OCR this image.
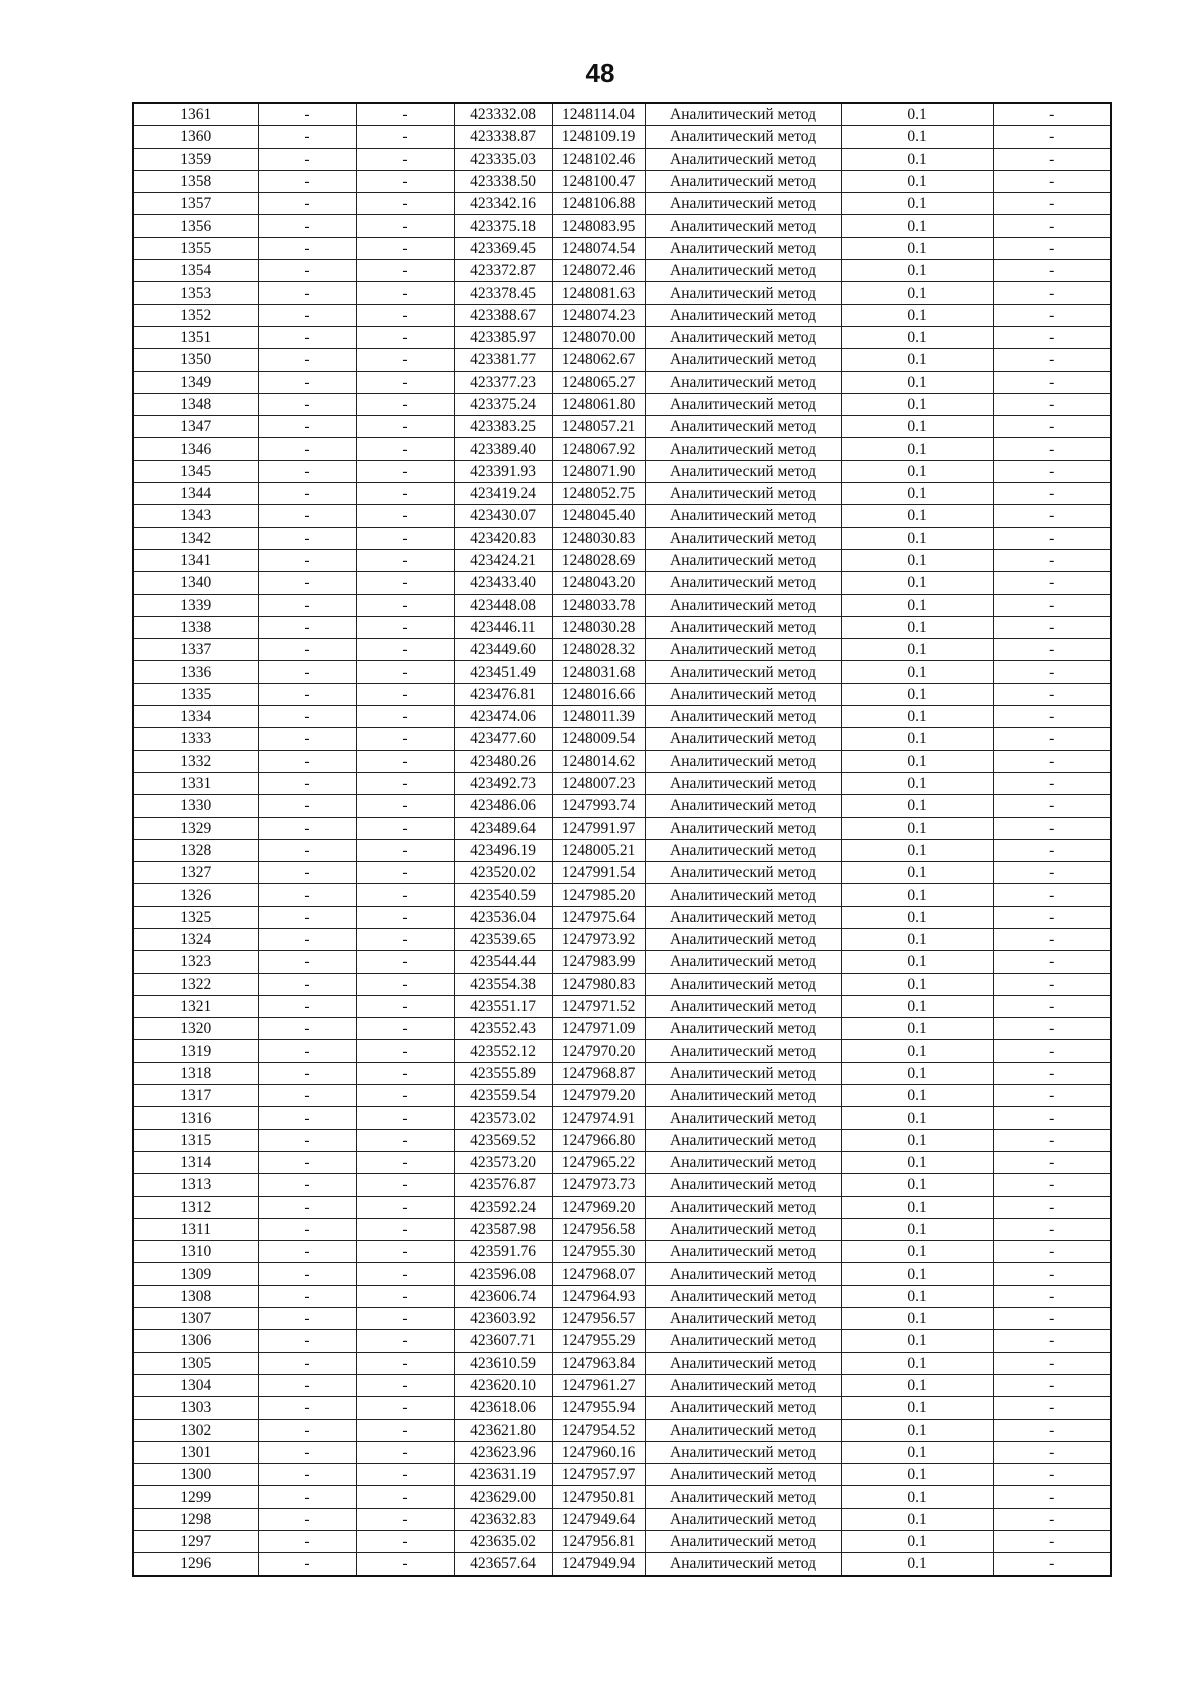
48
1361	-	-	423332.08	1248114.04	Аналитический метод	0.1	-
1360	-	-	423338.87	1248109.19	Аналитический метод	0.1	-
1359	-	-	423335.03	1248102.46	Аналитический метод	0.1	-
1358	-	-	423338.50	1248100.47	Аналитический метод	0.1	-
1357	-	-	423342.16	1248106.88	Аналитический метод	0.1	-
1356	-	-	423375.18	1248083.95	Аналитический метод	0.1	-
1355	-	-	423369.45	1248074.54	Аналитический метод	0.1	-
1354	-	-	423372.87	1248072.46	Аналитический метод	0.1	-
1353	-	-	423378.45	1248081.63	Аналитический метод	0.1	-
1352	-	-	423388.67	1248074.23	Аналитический метод	0.1	-
1351	-	-	423385.97	1248070.00	Аналитический метод	0.1	-
1350	-	-	423381.77	1248062.67	Аналитический метод	0.1	-
1349	-	-	423377.23	1248065.27	Аналитический метод	0.1	-
1348	-	-	423375.24	1248061.80	Аналитический метод	0.1	-
1347	-	-	423383.25	1248057.21	Аналитический метод	0.1	-
1346	-	-	423389.40	1248067.92	Аналитический метод	0.1	-
1345	-	-	423391.93	1248071.90	Аналитический метод	0.1	-
1344	-	-	423419.24	1248052.75	Аналитический метод	0.1	-
1343	-	-	423430.07	1248045.40	Аналитический метод	0.1	-
1342	-	-	423420.83	1248030.83	Аналитический метод	0.1	-
1341	-	-	423424.21	1248028.69	Аналитический метод	0.1	-
1340	-	-	423433.40	1248043.20	Аналитический метод	0.1	-
1339	-	-	423448.08	1248033.78	Аналитический метод	0.1	-
1338	-	-	423446.11	1248030.28	Аналитический метод	0.1	-
1337	-	-	423449.60	1248028.32	Аналитический метод	0.1	-
1336	-	-	423451.49	1248031.68	Аналитический метод	0.1	-
1335	-	-	423476.81	1248016.66	Аналитический метод	0.1	-
1334	-	-	423474.06	1248011.39	Аналитический метод	0.1	-
1333	-	-	423477.60	1248009.54	Аналитический метод	0.1	-
1332	-	-	423480.26	1248014.62	Аналитический метод	0.1	-
1331	-	-	423492.73	1248007.23	Аналитический метод	0.1	-
1330	-	-	423486.06	1247993.74	Аналитический метод	0.1	-
1329	-	-	423489.64	1247991.97	Аналитический метод	0.1	-
1328	-	-	423496.19	1248005.21	Аналитический метод	0.1	-
1327	-	-	423520.02	1247991.54	Аналитический метод	0.1	-
1326	-	-	423540.59	1247985.20	Аналитический метод	0.1	-
1325	-	-	423536.04	1247975.64	Аналитический метод	0.1	-
1324	-	-	423539.65	1247973.92	Аналитический метод	0.1	-
1323	-	-	423544.44	1247983.99	Аналитический метод	0.1	-
1322	-	-	423554.38	1247980.83	Аналитический метод	0.1	-
1321	-	-	423551.17	1247971.52	Аналитический метод	0.1	-
1320	-	-	423552.43	1247971.09	Аналитический метод	0.1	-
1319	-	-	423552.12	1247970.20	Аналитический метод	0.1	-
1318	-	-	423555.89	1247968.87	Аналитический метод	0.1	-
1317	-	-	423559.54	1247979.20	Аналитический метод	0.1	-
1316	-	-	423573.02	1247974.91	Аналитический метод	0.1	-
1315	-	-	423569.52	1247966.80	Аналитический метод	0.1	-
1314	-	-	423573.20	1247965.22	Аналитический метод	0.1	-
1313	-	-	423576.87	1247973.73	Аналитический метод	0.1	-
1312	-	-	423592.24	1247969.20	Аналитический метод	0.1	-
1311	-	-	423587.98	1247956.58	Аналитический метод	0.1	-
1310	-	-	423591.76	1247955.30	Аналитический метод	0.1	-
1309	-	-	423596.08	1247968.07	Аналитический метод	0.1	-
1308	-	-	423606.74	1247964.93	Аналитический метод	0.1	-
1307	-	-	423603.92	1247956.57	Аналитический метод	0.1	-
1306	-	-	423607.71	1247955.29	Аналитический метод	0.1	-
1305	-	-	423610.59	1247963.84	Аналитический метод	0.1	-
1304	-	-	423620.10	1247961.27	Аналитический метод	0.1	-
1303	-	-	423618.06	1247955.94	Аналитический метод	0.1	-
1302	-	-	423621.80	1247954.52	Аналитический метод	0.1	-
1301	-	-	423623.96	1247960.16	Аналитический метод	0.1	-
1300	-	-	423631.19	1247957.97	Аналитический метод	0.1	-
1299	-	-	423629.00	1247950.81	Аналитический метод	0.1	-
1298	-	-	423632.83	1247949.64	Аналитический метод	0.1	-
1297	-	-	423635.02	1247956.81	Аналитический метод	0.1	-
1296	-	-	423657.64	1247949.94	Аналитический метод	0.1	-
